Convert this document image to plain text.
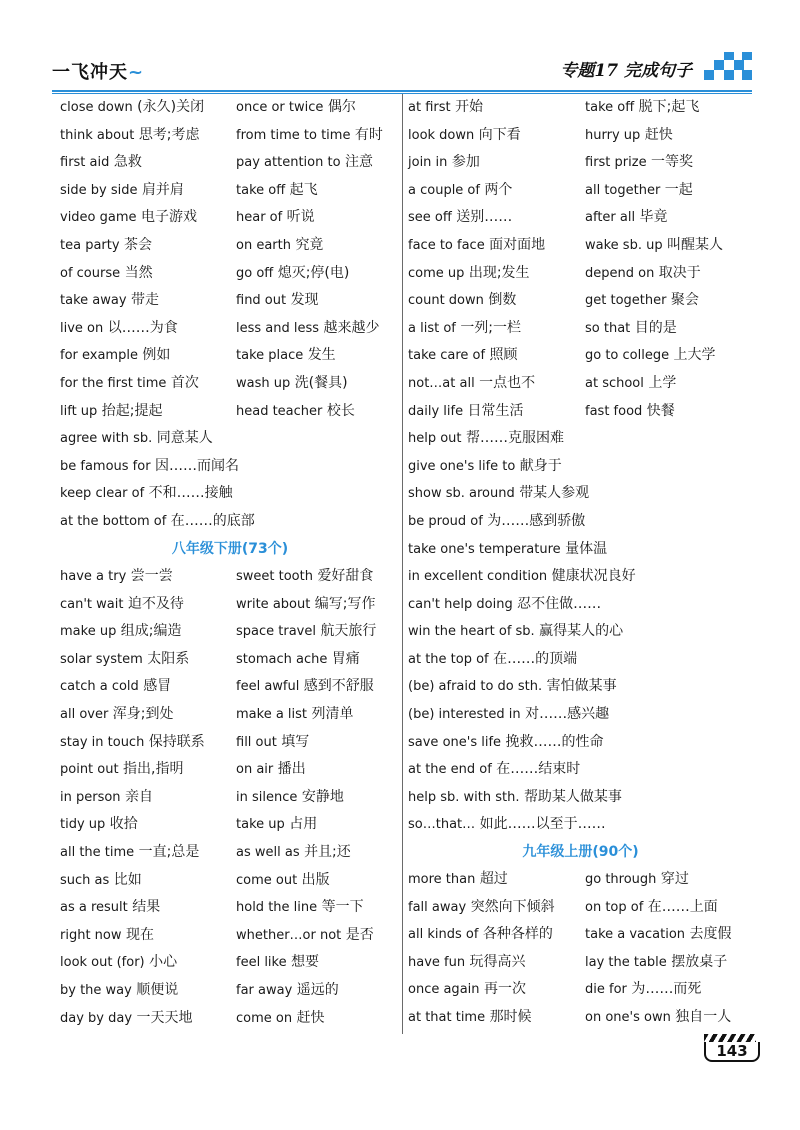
一飞冲天~	专题17 完成句子
close down (永久)关闭
think about 思考;考虑
first aid 急救
side by side 肩并肩
video game 电子游戏
tea party 茶会
of course 当然
take away 带走
live on 以……为食
for example 例如
for the first time 首次
lift up 抬起;提起
agree with sb. 同意某人
be famous for 因……而闻名
keep clear of 不和……接触
at the bottom of 在……的底部
once or twice 偶尔
from time to time 有时
pay attention to 注意
take off 起飞
hear of 听说
on earth 究竟
go off 熄灭;停(电)
find out 发现
less and less 越来越少
take place 发生
wash up 洗(餐具)
head teacher 校长
八年级下册(73个)
have a try 尝一尝
can't wait 迫不及待
make up 组成;编造
solar system 太阳系
catch a cold 感冒
all over 浑身;到处
stay in touch 保持联系
point out 指出,指明
in person 亲自
tidy up 收拾
all the time 一直;总是
such as 比如
as a result 结果
right now 现在
look out (for) 小心
by the way 顺便说
day by day 一天天地
sweet tooth 爱好甜食
write about 编写;写作
space travel 航天旅行
stomach ache 胃痛
feel awful 感到不舒服
make a list 列清单
fill out 填写
on air 播出
in silence 安静地
take up 占用
as well as 并且;还
come out 出版
hold the line 等一下
whether…or not 是否
feel like 想要
far away 遥远的
come on 赶快
at first 开始
look down 向下看
join in 参加
a couple of 两个
see off 送别……
face to face 面对面地
come up 出现;发生
count down 倒数
a list of 一列;一栏
take care of 照顾
not…at all 一点也不
daily life 日常生活
help out 帮……克服困难
give one's life to 献身于
show sb. around 带某人参观
be proud of 为……感到骄傲
take one's temperature 量体温
in excellent condition 健康状况良好
can't help doing 忍不住做……
win the heart of sb. 赢得某人的心
at the top of 在……的顶端
(be) afraid to do sth. 害怕做某事
(be) interested in 对……感兴趣
save one's life 挽救……的性命
at the end of 在……结束时
help sb. with sth. 帮助某人做某事
so…that… 如此……以至于……
take off 脱下;起飞
hurry up 赶快
first prize 一等奖
all together 一起
after all 毕竟
wake sb. up 叫醒某人
depend on 取决于
get together 聚会
so that 目的是
go to college 上大学
at school 上学
fast food 快餐
九年级上册(90个)
more than 超过
fall away 突然向下倾斜
all kinds of 各种各样的
have fun 玩得高兴
once again 再一次
at that time 那时候
go through 穿过
on top of 在……上面
take a vacation 去度假
lay the table 摆放桌子
die for 为……而死
on one's own 独自一人
143
